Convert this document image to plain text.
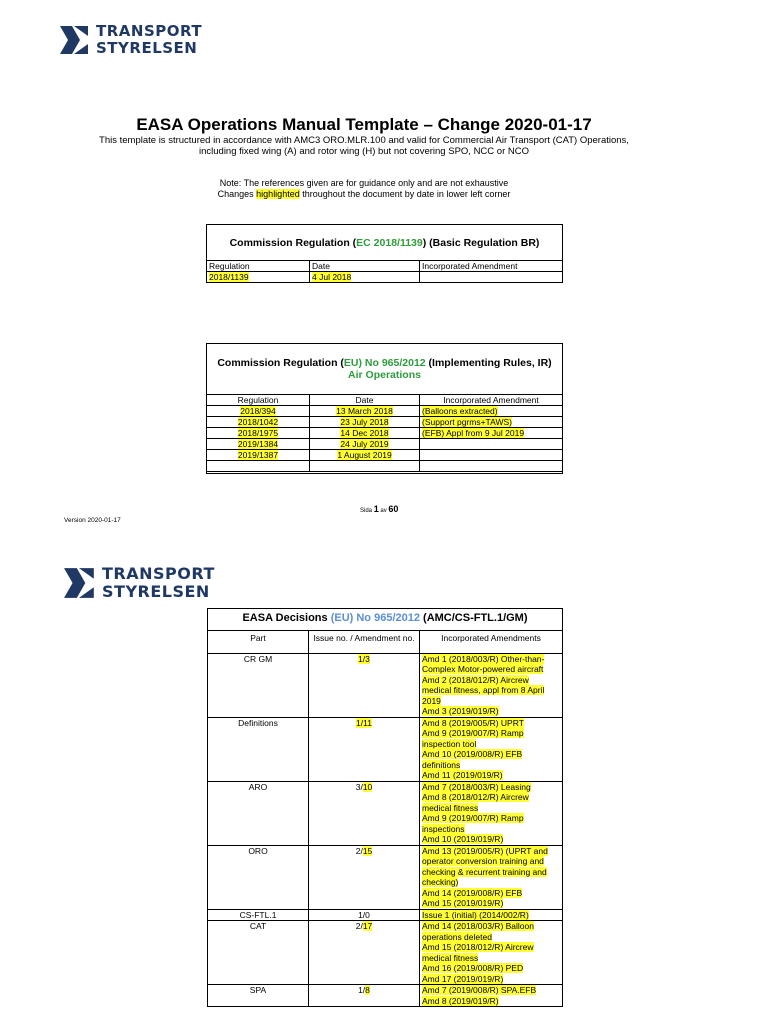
TRANSPORT
STYRELSEN
EASA Operations Manual Template – Change 2020-01-17
This template is structured in accordance with AMC3 ORO.MLR.100 and valid for Commercial Air Transport (CAT) Operations,
including fixed wing (A) and rotor wing (H) but not covering SPO, NCC or NCO
Note: The references given are for guidance only and are not exhaustive
Changes highlighted throughout the document by date in lower left corner
Commission Regulation (EC 2018/1139) (Basic Regulation BR)
Regulation	Date	Incorporated Amendment
2018/1139	4 Jul 2018	
Commission Regulation (EU) No 965/2012 (Implementing Rules, IR)
Air Operations
Regulation	Date	Incorporated Amendment
2018/394	13 March 2018	(Balloons extracted)
2018/1042	23 July 2018	(Support pgrms+TAWS)
2018/1975	14 Dec 2018	(EFB) Appl from 9 Jul 2019
2019/1384	24 July 2019	
2019/1387	1 August 2019	

Sida 1 av 60
Version 2020-01-17
TRANSPORT
STYRELSEN
EASA Decisions (EU) No 965/2012 (AMC/CS-FTL.1/GM)		
Part	Issue no. / Amendment no.	Incorporated Amendments
CR GM	1/3	Amd 1 (2018/003/R) Other-than-Complex Motor-powered aircraft
Amd 2 (2018/012/R) Aircrew medical fitness, appl from 8 April 2019
Amd 3 (2019/019/R)

Definitions	1/11	Amd 8 (2019/005/R) UPRT
Amd 9 (2019/007/R) Ramp inspection tool
Amd 10 (2019/008/R) EFB definitions
Amd 11 (2019/019/R)

ARO	3/10	Amd 7 (2018/003/R) Leasing
Amd 8 (2018/012/R) Aircrew medical fitness
Amd 9 (2019/007/R) Ramp inspections
Amd 10 (2019/019/R)

ORO	2/15	Amd 13 (2019/005/R) (UPRT and operator conversion training and checking & recurrent training and checking)
Amd 14 (2019/008/R) EFB
Amd 15 (2019/019/R)

CS-FTL.1	1/0	Issue 1 (initial) (2014/002/R)

CAT	2/17	Amd 14 (2018/003/R) Balloon operations deleted
Amd 15 (2018/012/R) Aircrew medical fitness
Amd 16 (2019/008/R) PED
Amd 17 (2019/019/R)

SPA	1/8	Amd 7 (2019/008/R) SPA.EFB
Amd 8 (2019/019/R)
